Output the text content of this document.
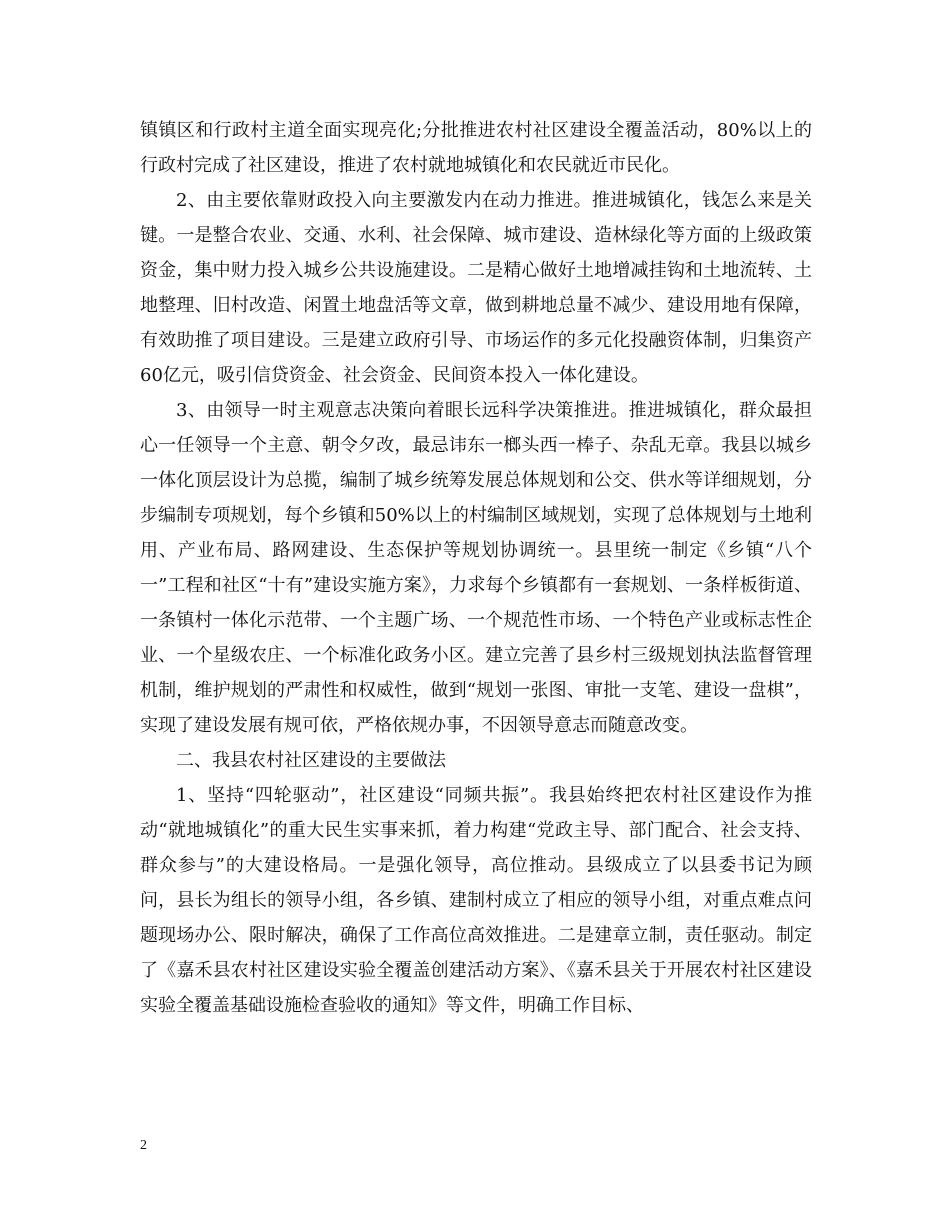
镇镇区和行政村主道全面实现亮化;分批推进农村社区建设全覆盖活动，80%以上的行政村完成了社区建设，推进了农村就地城镇化和农民就近市民化。

2、由主要依靠财政投入向主要激发内在动力推进。推进城镇化，钱怎么来是关键。一是整合农业、交通、水利、社会保障、城市建设、造林绿化等方面的上级政策资金，集中财力投入城乡公共设施建设。二是精心做好土地增减挂钩和土地流转、土地整理、旧村改造、闲置土地盘活等文章，做到耕地总量不减少、建设用地有保障，有效助推了项目建设。三是建立政府引导、市场运作的多元化投融资体制，归集资产60亿元，吸引信贷资金、社会资金、民间资本投入一体化建设。

3、由领导一时主观意志决策向着眼长远科学决策推进。推进城镇化，群众最担心一任领导一个主意、朝令夕改，最忌讳东一榔头西一棒子、杂乱无章。我县以城乡一体化顶层设计为总揽，编制了城乡统筹发展总体规划和公交、供水等详细规划，分步编制专项规划，每个乡镇和50%以上的村编制区域规划，实现了总体规划与土地利用、产业布局、路网建设、生态保护等规划协调统一。县里统一制定《乡镇“八个一”工程和社区“十有”建设实施方案》，力求每个乡镇都有一套规划、一条样板街道、一条镇村一体化示范带、一个主题广场、一个规范性市场、一个特色产业或标志性企业、一个星级农庄、一个标准化政务小区。建立完善了县乡村三级规划执法监督管理机制，维护规划的严肃性和权威性，做到“规划一张图、审批一支笔、建设一盘棋”，实现了建设发展有规可依，严格依规办事，不因领导意志而随意改变。

二、我县农村社区建设的主要做法

1、坚持“四轮驱动”，社区建设“同频共振”。我县始终把农村社区建设作为推动“就地城镇化”的重大民生实事来抓，着力构建“党政主导、部门配合、社会支持、群众参与”的大建设格局。一是强化领导，高位推动。县级成立了以县委书记为顾问，县长为组长的领导小组，各乡镇、建制村成立了相应的领导小组，对重点难点问题现场办公、限时解决，确保了工作高位高效推进。二是建章立制，责任驱动。制定了《嘉禾县农村社区建设实验全覆盖创建活动方案》、《嘉禾县关于开展农村社区建设实验全覆盖基础设施检查验收的通知》等文件，明确工作目标、

2
